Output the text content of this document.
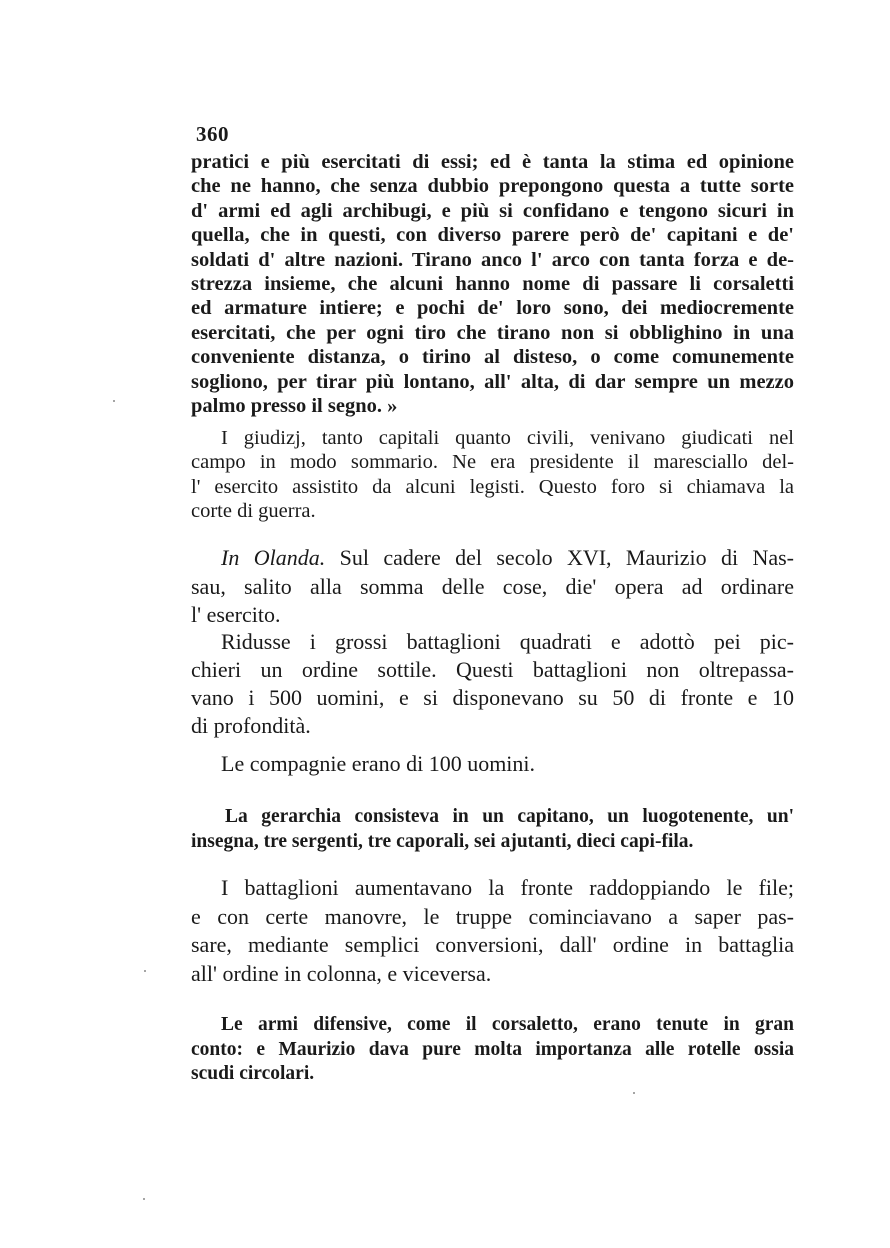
360
pratici e più esercitati di essi; ed è tanta la stima ed opinione
che ne hanno, che senza dubbio prepongono questa a tutte sorte
d' armi ed agli archibugi, e più si confidano e tengono sicuri in
quella, che in questi, con diverso parere però de' capitani e de'
soldati d' altre nazioni. Tirano anco l' arco con tanta forza e de-
strezza insieme, che alcuni hanno nome di passare li corsaletti
ed armature intiere; e pochi de' loro sono, dei mediocremente
esercitati, che per ogni tiro che tirano non si obblighino in una
conveniente distanza, o tirino al disteso, o come comunemente
sogliono, per tirar più lontano, all' alta, di dar sempre un mezzo
palmo presso il segno. »
I giudizj, tanto capitali quanto civili, venivano giudicati nel
campo in modo sommario. Ne era presidente il maresciallo del-
l' esercito assistito da alcuni legisti. Questo foro si chiamava la
corte di guerra.
In Olanda. Sul cadere del secolo XVI, Maurizio di Nas-
sau, salito alla somma delle cose, die' opera ad ordinare
l' esercito.
Ridusse i grossi battaglioni quadrati e adottò pei pic-
chieri un ordine sottile. Questi battaglioni non oltrepassa-
vano i 500 uomini, e si disponevano su 50 di fronte e 10
di profondità.
Le compagnie erano di 100 uomini.
La gerarchia consisteva in un capitano, un luogotenente, un'
insegna, tre sergenti, tre caporali, sei ajutanti, dieci capi-fila.
I battaglioni aumentavano la fronte raddoppiando le file;
e con certe manovre, le truppe cominciavano a saper pas-
sare, mediante semplici conversioni, dall' ordine in battaglia
all' ordine in colonna, e viceversa.
Le armi difensive, come il corsaletto, erano tenute in gran
conto: e Maurizio dava pure molta importanza alle rotelle ossia
scudi circolari.
